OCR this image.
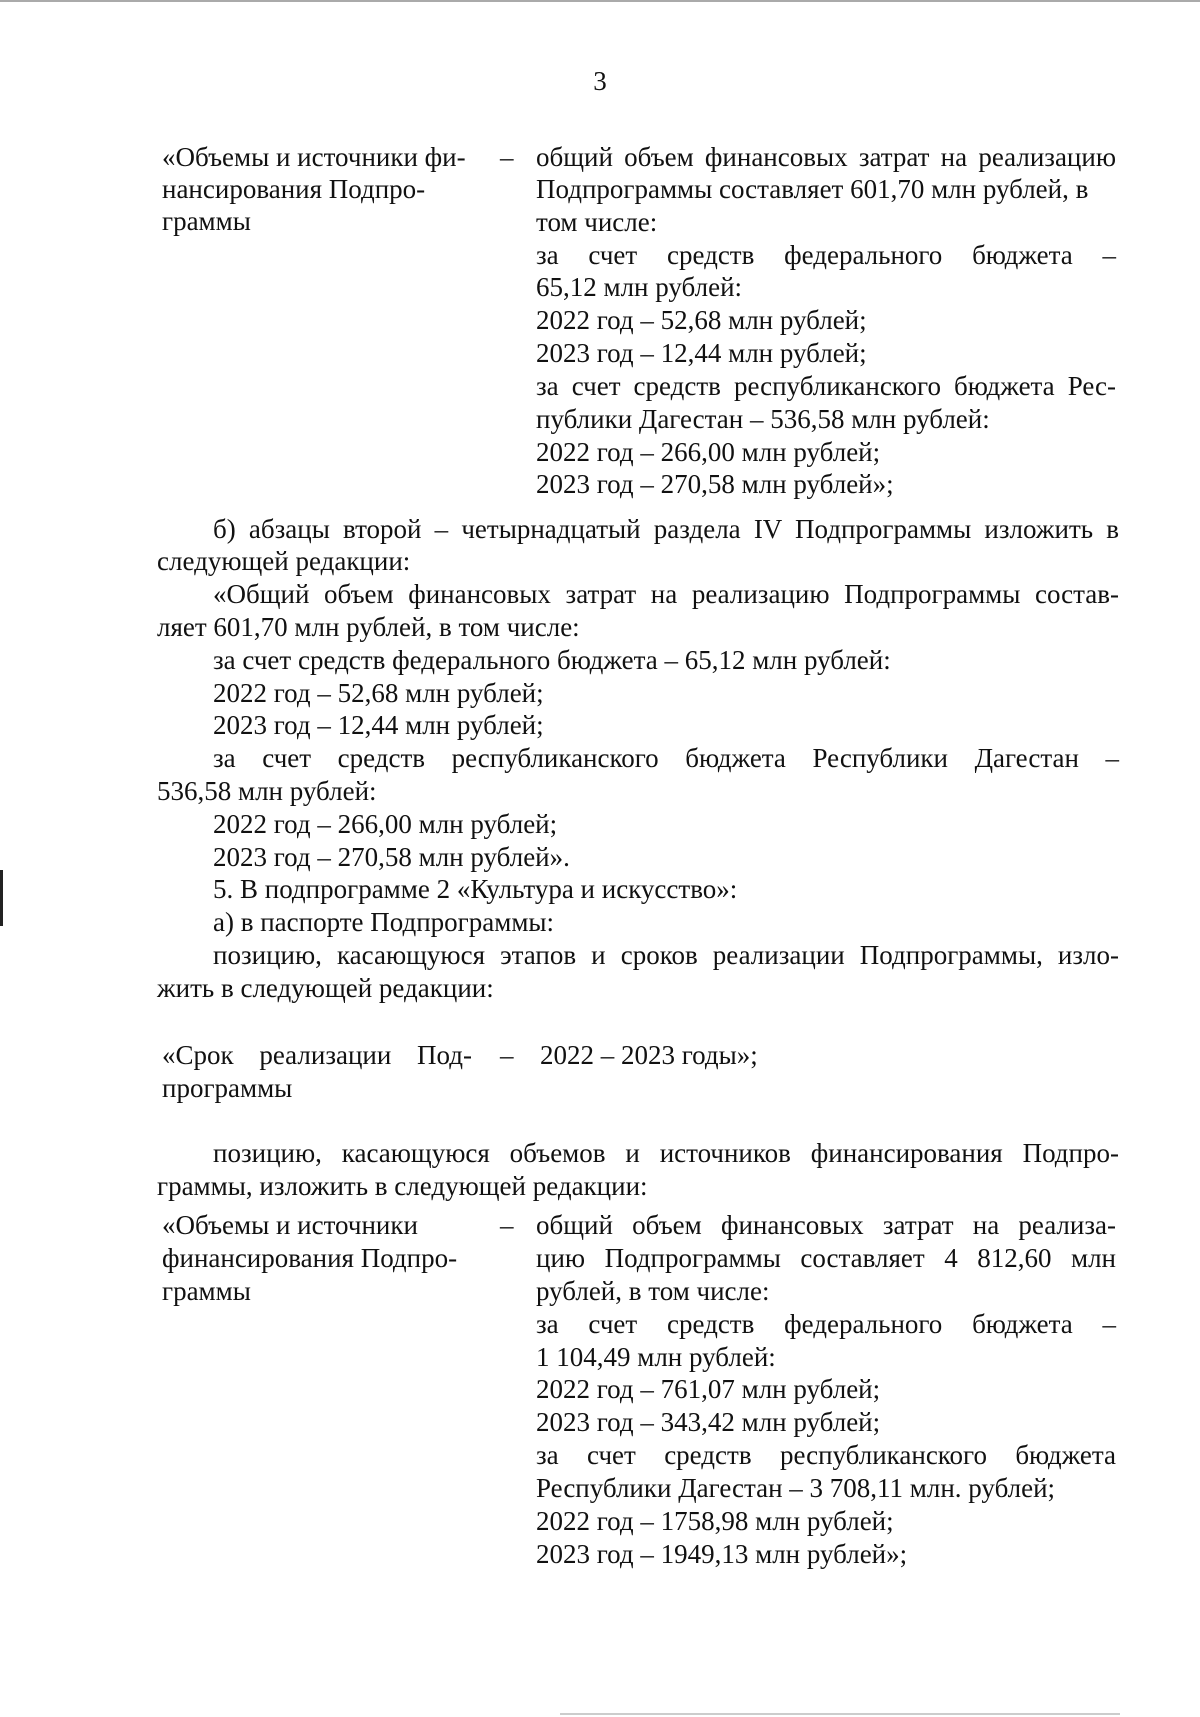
3
«Объемы и источники фи-
нансирования Подпро-
граммы
– общий объем финансовых затрат на реализацию
Подпрограммы составляет 601,70 млн рублей, в
том числе:
за счет средств федерального бюджета –
65,12 млн рублей:
2022 год – 52,68 млн рублей;
2023 год – 12,44 млн рублей;
за счет средств республиканского бюджета Рес-
публики Дагестан – 536,58 млн рублей:
2022 год – 266,00 млн рублей;
2023 год – 270,58 млн рублей»;
б) абзацы второй – четырнадцатый раздела IV Подпрограммы изложить в
следующей редакции:
«Общий объем финансовых затрат на реализацию Подпрограммы состав-
ляет 601,70 млн рублей, в том числе:
за счет средств федерального бюджета – 65,12 млн рублей:
2022 год – 52,68 млн рублей;
2023 год – 12,44 млн рублей;
за счет средств республиканского бюджета Республики Дагестан –
536,58 млн рублей:
2022 год – 266,00 млн рублей;
2023 год – 270,58 млн рублей».
5. В подпрограмме 2 «Культура и искусство»:
а) в паспорте Подпрограммы:
позицию, касающуюся этапов и сроков реализации Подпрограммы, изло-
жить в следующей редакции:
«Срок реализации Под-
программы
– 2022 – 2023 годы»;
позицию, касающуюся объемов и источников финансирования Подпро-
граммы, изложить в следующей редакции:
«Объемы и источники
финансирования Подпро-
граммы
– общий объем финансовых затрат на реализа-
цию Подпрограммы составляет 4 812,60 млн
рублей, в том числе:
за счет средств федерального бюджета –
1 104,49 млн рублей:
2022 год – 761,07 млн рублей;
2023 год – 343,42 млн рублей;
за счет средств республиканского бюджета
Республики Дагестан – 3 708,11 млн. рублей;
2022 год – 1758,98 млн рублей;
2023 год – 1949,13 млн рублей»;
